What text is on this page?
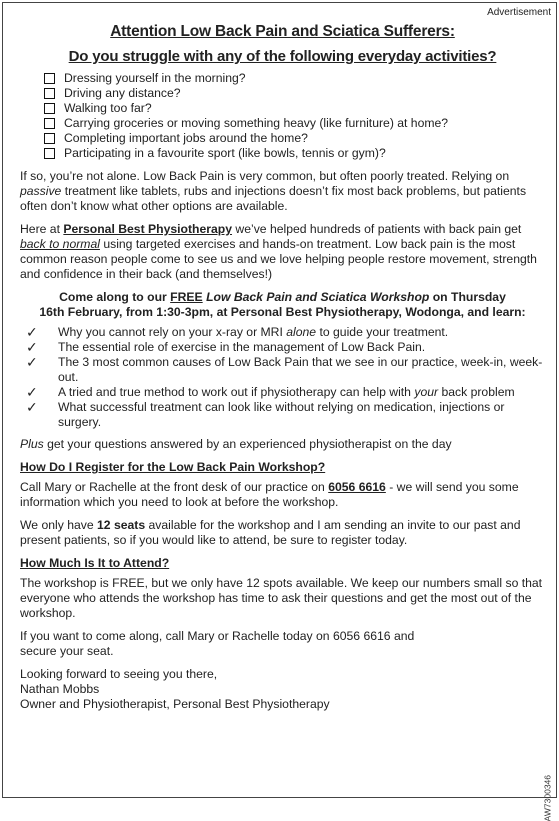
Advertisement
Attention Low Back Pain and Sciatica Sufferers:
Do you struggle with any of the following everyday activities?
Dressing yourself in the morning?
Driving any distance?
Walking too far?
Carrying groceries or moving something heavy (like furniture) at home?
Completing important jobs around the home?
Participating in a favourite sport (like bowls, tennis or gym)?

If so, you’re not alone. Low Back Pain is very common, but often poorly treated. Relying on passive treatment like tablets, rubs and injections doesn’t fix most back problems, but patients often don’t know what other options are available.

Here at Personal Best Physiotherapy we’ve helped hundreds of patients with back pain get back to normal using targeted exercises and hands-on treatment. Low back pain is the most common reason people come to see us and we love helping people restore movement, strength and confidence in their back (and themselves!)

Come along to our FREE Low Back Pain and Sciatica Workshop on Thursday

16th February, from 1:30-3pm, at Personal Best Physiotherapy, Wodonga, and learn:

✓	Why you cannot rely on your x-ray or MRI alone to guide your treatment.
✓	The essential role of exercise in the management of Low Back Pain.
✓	The 3 most common causes of Low Back Pain that we see in our practice, week-in, week-out.
✓	A tried and true method to work out if physiotherapy can help with your back problem
✓	What successful treatment can look like without relying on medication, injections or surgery.

Plus get your questions answered by an experienced physiotherapist on the day

How Do I Register for the Low Back Pain Workshop?

Call Mary or Rachelle at the front desk of our practice on 6056 6616 - we will send you some information which you need to look at before the workshop.

We only have 12 seats available for the workshop and I am sending an invite to our past and present patients, so if you would like to attend, be sure to register today.

How Much Is It to Attend?

The workshop is FREE, but we only have 12 spots available. We keep our numbers small so that everyone who attends the workshop has time to ask their questions and get the most out of the workshop.

If you want to come along, call Mary or Rachelle today on 6056 6616 and secure your seat.

Looking forward to seeing you there,
Nathan Mobbs
Owner and Physiotherapist, Personal Best Physiotherapy
AW7300346
